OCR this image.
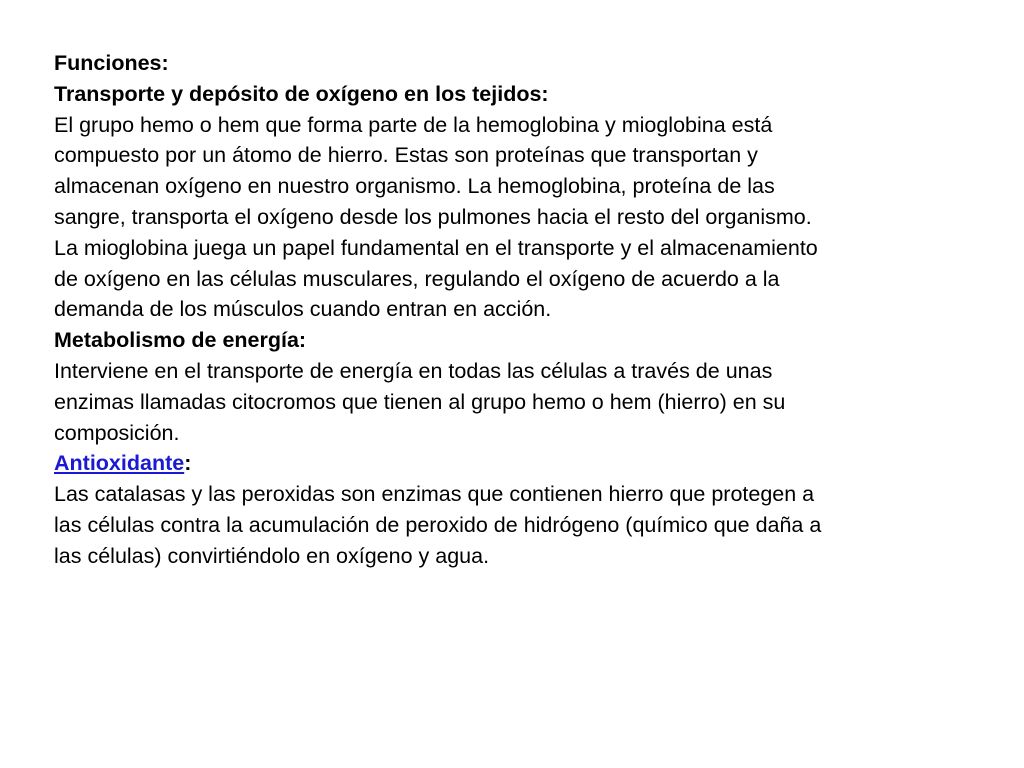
Funciones:
Transporte y depósito de oxígeno en los tejidos:
El grupo hemo o hem que forma parte de la hemoglobina y mioglobina está
compuesto por un átomo de hierro. Estas son proteínas que transportan y
almacenan oxígeno en nuestro organismo. La hemoglobina, proteína de las
sangre, transporta el oxígeno desde los pulmones hacia el resto del organismo.
La mioglobina juega un papel fundamental en el transporte y el almacenamiento
de oxígeno en las células musculares, regulando el oxígeno de acuerdo a la
demanda de los músculos cuando entran en acción.
Metabolismo de energía:
Interviene en el transporte de energía en todas las células a través de unas
enzimas llamadas citocromos que tienen al grupo hemo o hem (hierro) en su
composición.
Antioxidante:
Las catalasas y las peroxidas son enzimas que contienen hierro que protegen a
las células contra la acumulación de peroxido de hidrógeno (químico que daña a
las células) convirtiéndolo en oxígeno y agua.
